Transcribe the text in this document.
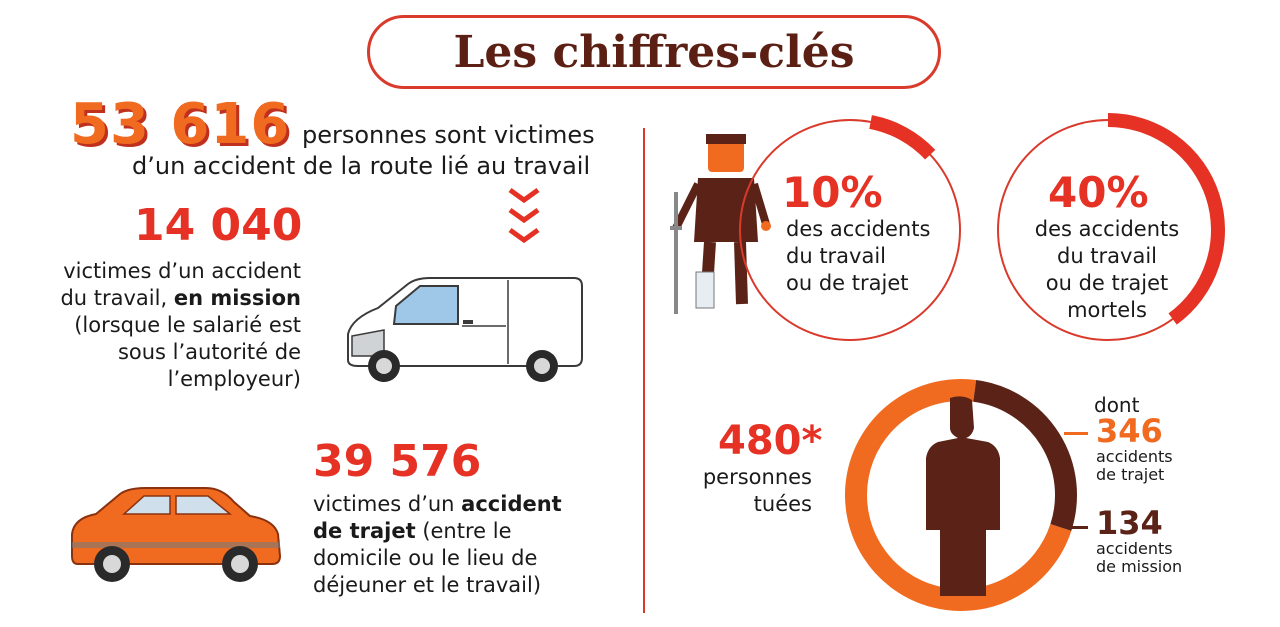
Les chiffres-clés
53 616 personnes sont victimes
d’un accident de la route lié au travail
14 040
victimes d’un accident
du travail, en mission
(lorsque le salarié est
sous l’autorité de
l’employeur)
39 576
victimes d’un accident
de trajet (entre le
domicile ou le lieu de
déjeuner et le travail)
10%
des accidents
du travail
ou de trajet
40%
des accidents
du travail
ou de trajet
mortels
480*
personnes
tuées
dont
346
accidents
de trajet
134
accidents
de mission
